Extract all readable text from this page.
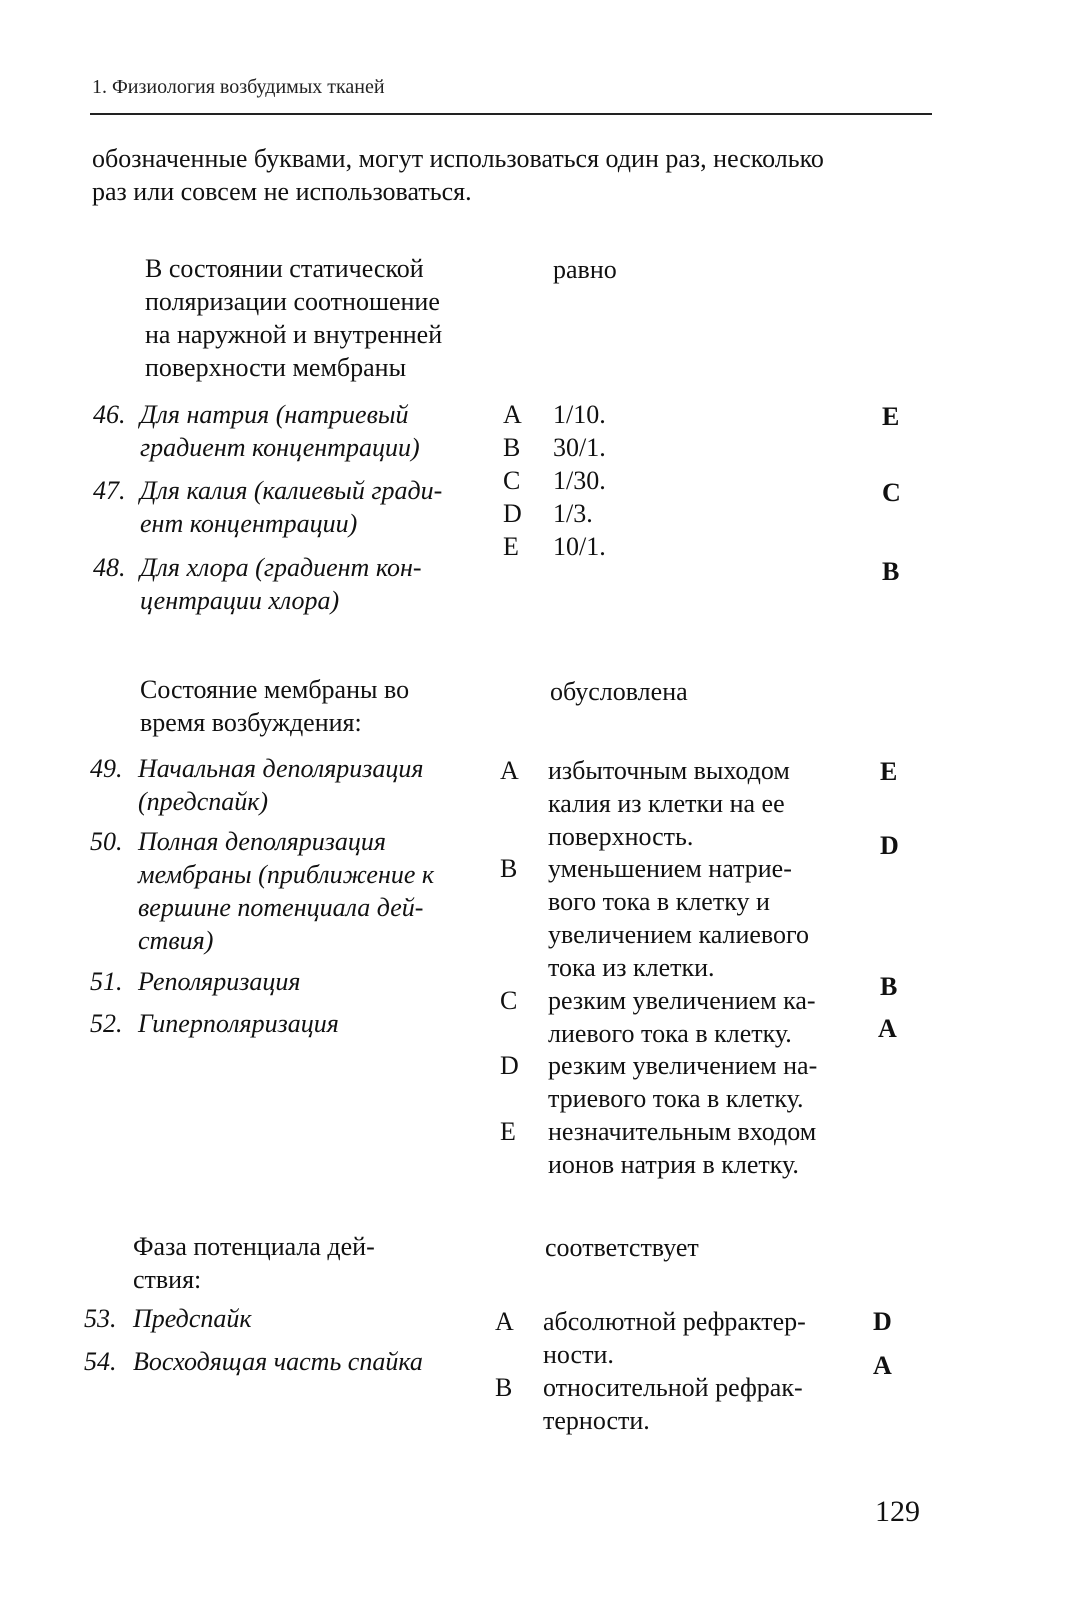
1. Физиология возбудимых тканей
обозначенные буквами, могут использоваться один раз, несколько
раз или совсем не использоваться.
В состоянии статической
поляризации соотношение
на наружной и внутренней
поверхности мембраны
равно
46. Для натрия (натриевый
градиент концентрации)
E
47. Для калия (калиевый гради-
ент концентрации)
C
48. Для хлора (градиент кон-
центрации хлора)
B
A 1/10.
B 30/1.
C 1/30.
D 1/3.
E 10/1.
Состояние мембраны во
время возбуждения:
обусловлена
49. Начальная деполяризация
(предспайк)
E
50. Полная деполяризация
мембраны (приближение к
вершине потенциала дей-
ствия)
D
51. Реполяризация	B
52. Гиперполяризация	A
A избыточным выходом
калия из клетки на ее
поверхность.
B уменьшением натрие-
вого тока в клетку и
увеличением калиевого
тока из клетки.
C резким увеличением ка-
лиевого тока в клетку.
D резким увеличением на-
триевого тока в клетку.
E незначительным входом
ионов натрия в клетку.
Фаза потенциала дей-
ствия:
соответствует
53. Предспайк	D
54. Восходящая часть спайка	A
A абсолютной рефрактер-
ности.
B относительной рефрак-
терности.
129
